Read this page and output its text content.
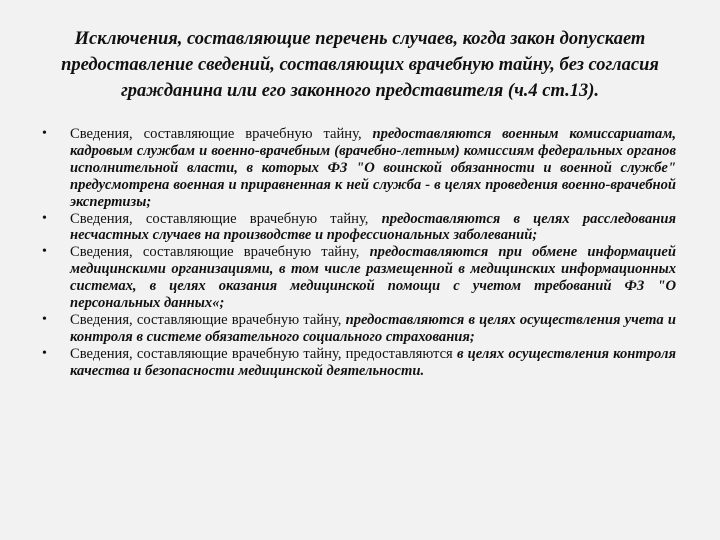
Исключения, составляющие перечень случаев, когда закон допускает предоставление сведений, составляющих врачебную тайну, без согласия гражданина или его законного представителя (ч.4 ст.13).
•	Сведения, составляющие врачебную тайну, предоставляются военным комиссариатам, кадровым службам и военно-врачебным (врачебно-летным) комиссиям федеральных органов исполнительной власти, в которых ФЗ "О воинской обязанности и военной службе" предусмотрена военная и приравненная к ней служба - в целях проведения военно-врачебной экспертизы;
•	Сведения, составляющие врачебную тайну, предоставляются в целях расследования несчастных случаев на производстве и профессиональных заболеваний;
•	Сведения, составляющие врачебную тайну, предоставляются при обмене информацией медицинскими организациями, в том числе размещенной в медицинских информационных системах, в целях оказания медицинской помощи с учетом требований ФЗ "О персональных данных«;
•	Сведения, составляющие врачебную тайну, предоставляются в целях осуществления учета и контроля в системе обязательного социального страхования;
•	Сведения, составляющие врачебную тайну, предоставляются в целях осуществления контроля качества и безопасности медицинской деятельности.
